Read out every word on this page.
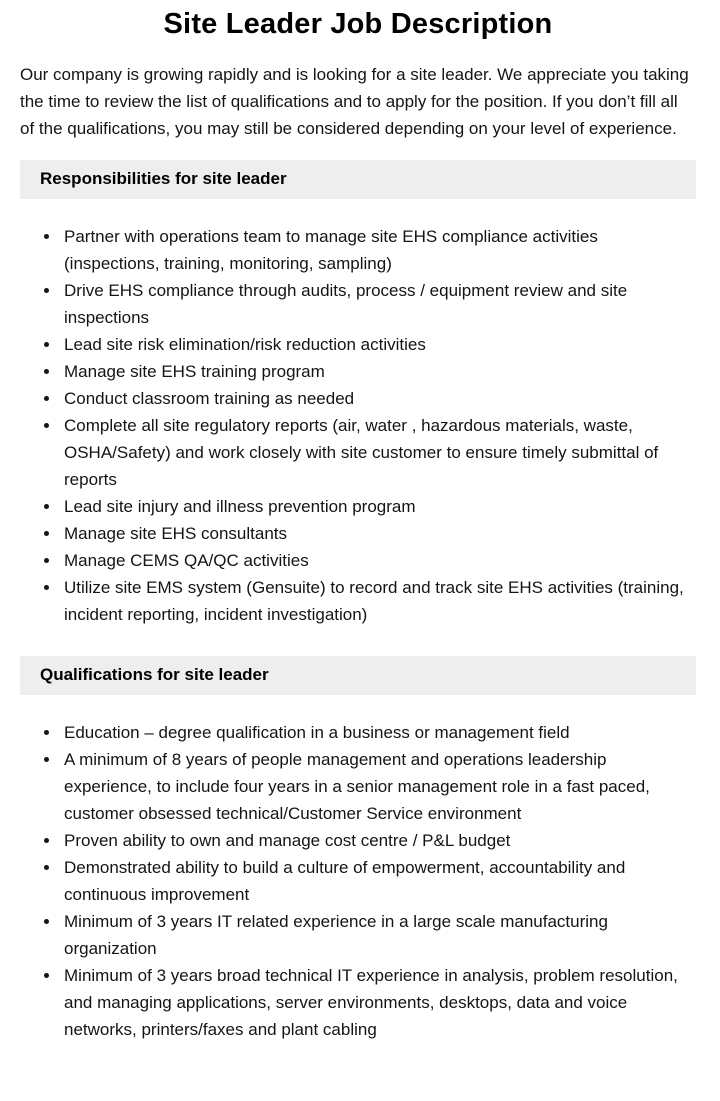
Site Leader Job Description

Our company is growing rapidly and is looking for a site leader. We appreciate you taking the time to review the list of qualifications and to apply for the position. If you don’t fill all of the qualifications, you may still be considered depending on your level of experience.

Responsibilities for site leader
• Partner with operations team to manage site EHS compliance activities (inspections, training, monitoring, sampling)
• Drive EHS compliance through audits, process / equipment review and site inspections
• Lead site risk elimination/risk reduction activities
• Manage site EHS training program
• Conduct classroom training as needed
• Complete all site regulatory reports (air, water , hazardous materials, waste, OSHA/Safety) and work closely with site customer to ensure timely submittal of reports
• Lead site injury and illness prevention program
• Manage site EHS consultants
• Manage CEMS QA/QC activities
• Utilize site EMS system (Gensuite) to record and track site EHS activities (training, incident reporting, incident investigation)
Qualifications for site leader
• Education – degree qualification in a business or management field
• A minimum of 8 years of people management and operations leadership experience, to include four years in a senior management role in a fast paced, customer obsessed technical/Customer Service environment
• Proven ability to own and manage cost centre / P&L budget
• Demonstrated ability to build a culture of empowerment, accountability and continuous improvement
• Minimum of 3 years IT related experience in a large scale manufacturing organization
• Minimum of 3 years broad technical IT experience in analysis, problem resolution, and managing applications, server environments, desktops, data and voice networks, printers/faxes and plant cabling
